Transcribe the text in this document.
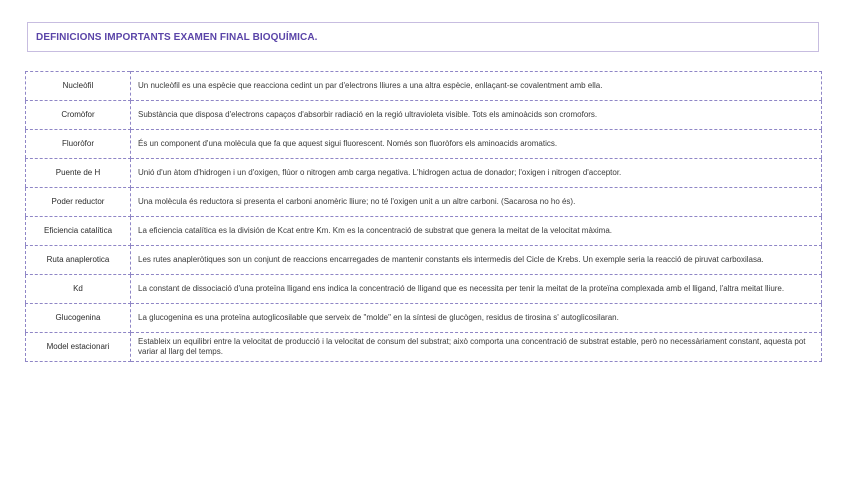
DEFINICIONS IMPORTANTS EXAMEN FINAL BIOQUÍMICA.
Nucleòfil	Un nucleòfil es una espècie que reacciona cedint un par d'electrons lliures a una altra espècie, enllaçant-se covalentment amb ella.
Cromòfor	Substància que disposa d'electrons capaços d'absorbir radiació en la regió ultravioleta visible. Tots els aminoàcids son cromofors.
Fluoròfor	És un component d'una molècula que fa que aquest sigui fluorescent. Només son fluoròfors els aminoacids aromatics.
Puente de H	Unió d'un àtom d'hidrogen i un d'oxigen, flúor o nitrogen amb carga negativa. L'hidrogen actua de donador; l'oxigen i nitrogen d'acceptor.
Poder reductor	Una molècula és reductora si presenta el carboni anomèric lliure; no té l'oxigen unit a un altre carboni. (Sacarosa no ho és).
Eficiencia catalítica	La eficiencia catalítica es la división de Kcat entre Km. Km es la concentració de substrat que genera la meitat de la velocitat màxima.
Ruta anaplerotica	Les rutes anapleròtiques son un conjunt de reaccions encarregades de mantenir constants els intermedis del Cicle de Krebs. Un exemple seria la reacció de piruvat carboxilasa.
Kd	La constant de dissociació d'una proteïna lligand ens indica la concentració de lligand que es necessita per tenir la meitat de la proteïna complexada amb el lligand, l'altra meitat lliure.
Glucogenina	La glucogenina es una proteïna autoglicosilable que serveix de "molde" en la síntesi de glucògen, residus de tirosina s' autoglicosilaran.
Model estacionari	Estableix un equilibri entre la velocitat de producció i la velocitat de consum del substrat; això comporta una concentració de substrat estable, però no necessàriament constant, aquesta pot variar al llarg del temps.
